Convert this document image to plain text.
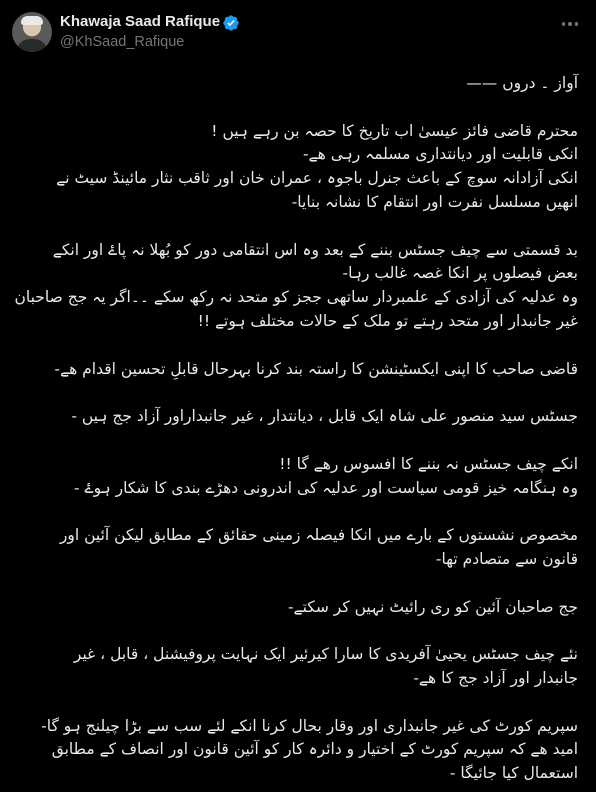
Khawaja Saad Rafique
@KhSaad_Rafique

آواز ۔ دروں ——

محترم قاضی فائز عیسیٰ اب تاریخ کا حصہ بن رہے ہیں !

انکی قابلیت اور دیانتداری مسلمہ رہی ھے-

انکی آزادانہ سوچ کے باعث جنرل باجوہ ، عمران خان اور ثاقب نثار مائینڈ سیٹ نے

انھیں مسلسل نفرت اور انتقام کا نشانہ بنایا-

بد قسمتی سے چیف جسٹس بننے کے بعد وہ اس انتقامی دور کو بُھلا نہ پاۓ اور انکے

بعض فیصلوں پر انکا غصہ غالب رہا-

وہ عدلیہ کی آزادی کے علمبردار ساتھی ججز کو متحد نہ رکھ سکے ۔۔اگر یہ جج صاحبان

غیر جانبدار اور متحد رہتے تو ملک کے حالات مختلف ہوتے !!

قاضی صاحب کا اپنی ایکسٹینشن کا راستہ بند کرنا بہرحال قابلِ تحسین اقدام ھے-

جسٹس سید منصور علی شاہ ایک قابل ، دیانتدار ، غیر جانبداراور آزاد جج ہیں -

انکے چیف جسٹس نہ بننے کا افسوس رھے گا !!

وہ ہنگامہ خیز قومی سیاست اور عدلیہ کی اندرونی دھڑے بندی کا شکار ہوۓ -

مخصوص نشستوں کے بارے میں انکا فیصلہ زمینی حقائق کے مطابق لیکن آئین اور

قانون سے متصادم تھا-

جج صاحبان آئین کو ری رائیٹ نہیں کر سکتے-

نئے چیف جسٹس یحییٰ آفریدی کا سارا کیرئیر ایک نہایت پروفیشنل ، قابل ، غیر

جانبدار اور آزاد جج کا ھے-

سپریم کورٹ کی غیر جانبداری اور وقار بحال کرنا انکے لئے سب سے بڑا چیلنج ہو گا-

امید ھے کہ سپریم کورٹ کے اختیار و دائرہ کار کو آئین قانون اور انصاف کے مطابق

استعمال کیا جائیگا -
